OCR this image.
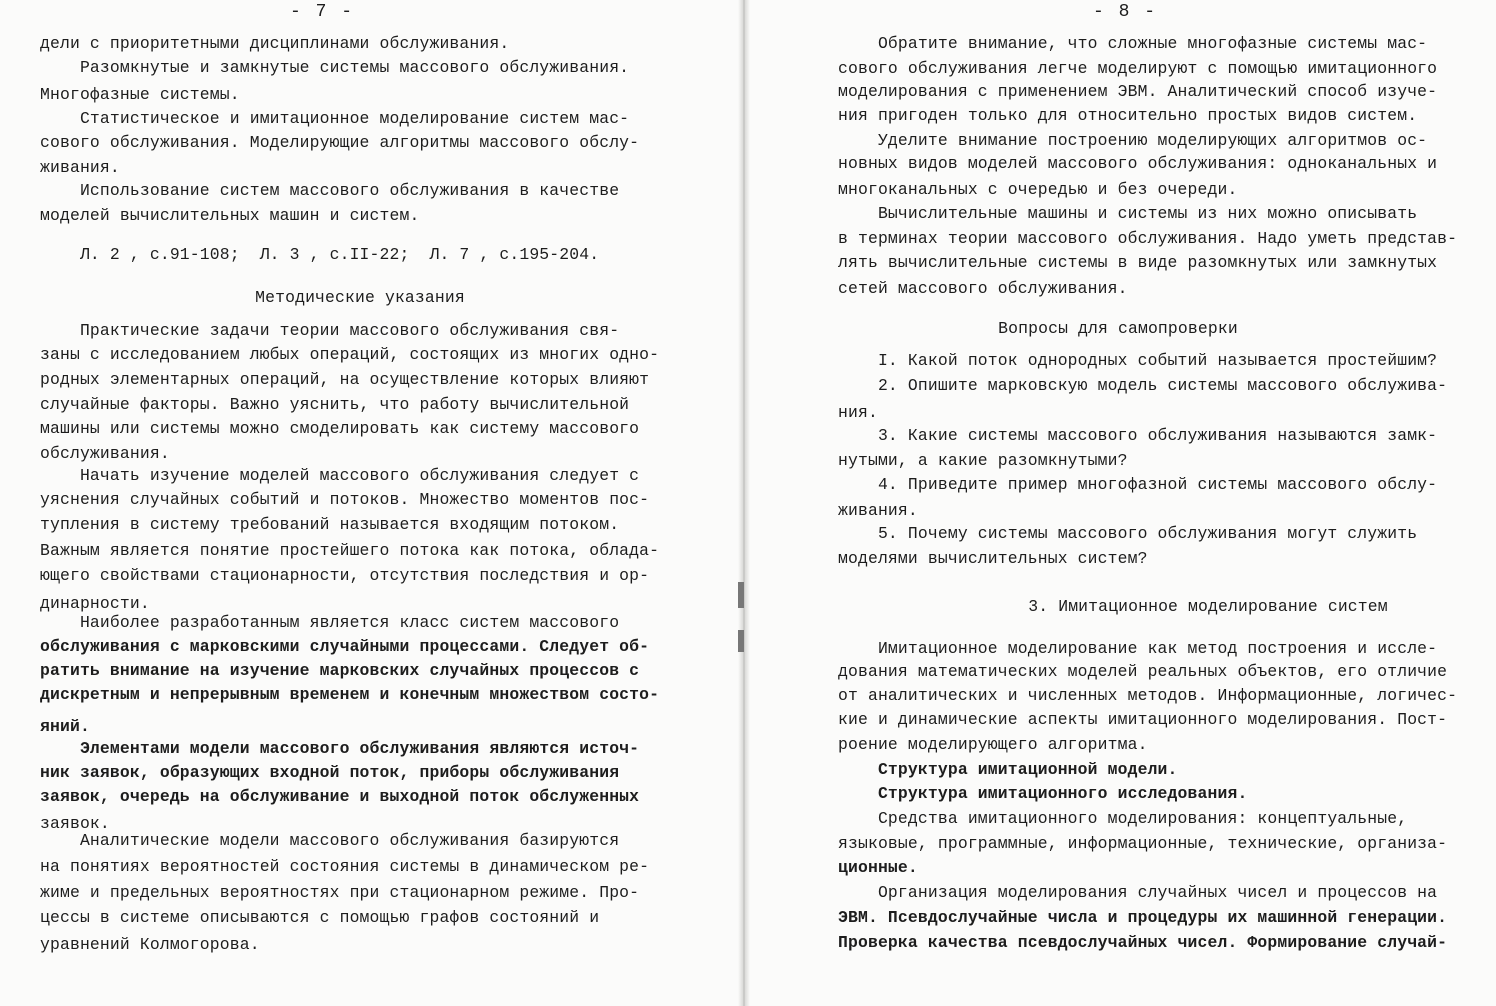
- 7 -
дели с приоритетными дисциплинами обслуживания.
Разомкнутые и замкнутые системы массового обслуживания.
Многофазные системы.
Статистическое и имитационное моделирование систем мас-
сового обслуживания. Моделирующие алгоритмы массового обслу-
живания.
Использование систем массового обслуживания в качестве
моделей вычислительных машин и систем.
Л. 2 , с.91-108;  Л. 3 , с.II-22;  Л. 7 , с.195-204.
Методические указания
Практические задачи теории массового обслуживания свя-
заны с исследованием любых операций, состоящих из многих одно-
родных элементарных операций, на осуществление которых влияют
случайные факторы. Важно уяснить, что работу вычислительной
машины или системы можно смоделировать как систему массового
обслуживания.
Начать изучение моделей массового обслуживания следует с
уяснения случайных событий и потоков. Множество моментов пос-
тупления в систему требований называется входящим потоком.
Важным является понятие простейшего потока как потока, облада-
ющего свойствами стационарности, отсутствия последствия и ор-
динарности.
Наиболее разработанным является класс систем массового
обслуживания с марковскими случайными процессами. Следует об-
ратить внимание на изучение марковских случайных процессов с
дискретным и непрерывным временем и конечным множеством состо-
яний.
Элементами модели массового обслуживания являются источ-
ник заявок, образующих входной поток, приборы обслуживания
заявок, очередь на обслуживание и выходной поток обслуженных
заявок.
Аналитические модели массового обслуживания базируются
на понятиях вероятностей состояния системы в динамическом ре-
жиме и предельных вероятностях при стационарном режиме. Про-
цессы в системе описываются с помощью графов состояний и
уравнений Колмогорова.
- 8 -
Обратите внимание, что сложные многофазные системы мас-
сового обслуживания легче моделируют с помощью имитационного
моделирования с применением ЭВМ. Аналитический способ изуче-
ния пригоден только для относительно простых видов систем.
Уделите внимание построению моделирующих алгоритмов ос-
новных видов моделей массового обслуживания: одноканальных и
многоканальных с очередью и без очереди.
Вычислительные машины и системы из них можно описывать
в терминах теории массового обслуживания. Надо уметь представ-
лять вычислительные системы в виде разомкнутых или замкнутых
сетей массового обслуживания.
Вопросы для самопроверки
I. Какой поток однородных событий называется простейшим?
2. Опишите марковскую модель системы массового обслужива-
ния.
3. Какие системы массового обслуживания называются замк-
нутыми, а какие разомкнутыми?
4. Приведите пример многофазной системы массового обслу-
живания.
5. Почему системы массового обслуживания могут служить
моделями вычислительных систем?
3. Имитационное моделирование систем
Имитационное моделирование как метод построения и иссле-
дования математических моделей реальных объектов, его отличие
от аналитических и численных методов. Информационные, логичес-
кие и динамические аспекты имитационного моделирования. Пост-
роение моделирующего алгоритма.
Структура имитационной модели.
Структура имитационного исследования.
Средства имитационного моделирования: концептуальные,
языковые, программные, информационные, технические, организа-
ционные.
Организация моделирования случайных чисел и процессов на
ЭВМ. Псевдослучайные числа и процедуры их машинной генерации.
Проверка качества псевдослучайных чисел. Формирование случай-
